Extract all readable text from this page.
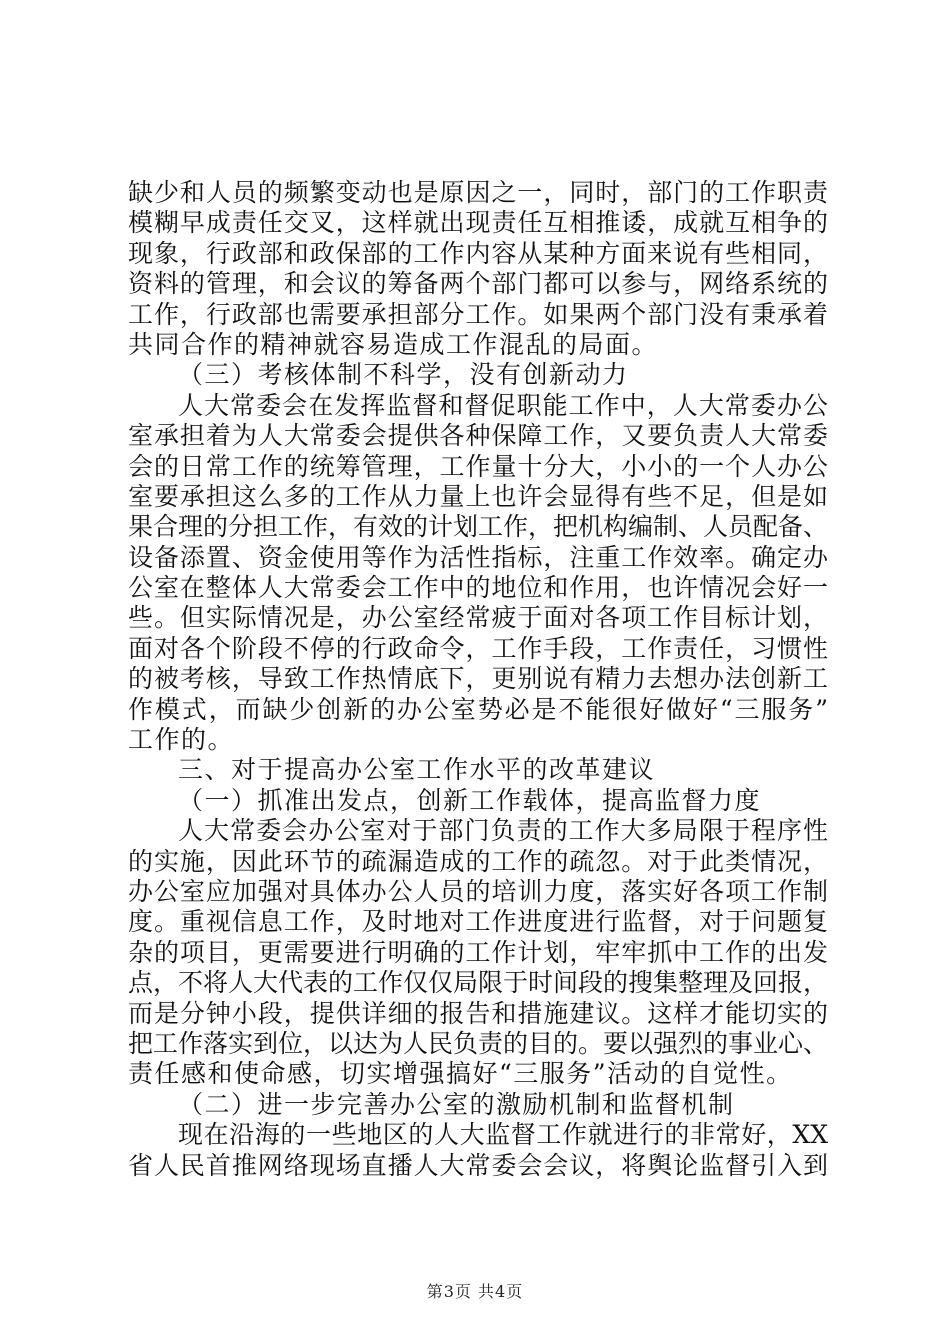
缺少和人员的频繁变动也是原因之一，同时，部门的工作职责
模糊早成责任交叉，这样就出现责任互相推诿，成就互相争的
现象，行政部和政保部的工作内容从某种方面来说有些相同，
资料的管理，和会议的筹备两个部门都可以参与，网络系统的
工作，行政部也需要承担部分工作。如果两个部门没有秉承着
共同合作的精神就容易造成工作混乱的局面。
（三）考核体制不科学，没有创新动力
人大常委会在发挥监督和督促职能工作中，人大常委办公
室承担着为人大常委会提供各种保障工作，又要负责人大常委
会的日常工作的统筹管理，工作量十分大，小小的一个人办公
室要承担这么多的工作从力量上也许会显得有些不足，但是如
果合理的分担工作，有效的计划工作，把机构编制、人员配备、
设备添置、资金使用等作为活性指标，注重工作效率。确定办
公室在整体人大常委会工作中的地位和作用，也许情况会好一
些。但实际情况是，办公室经常疲于面对各项工作目标计划，
面对各个阶段不停的行政命令，工作手段，工作责任，习惯性
的被考核，导致工作热情底下，更别说有精力去想办法创新工
作模式，而缺少创新的办公室势必是不能很好做好“三服务”
工作的。
三、对于提高办公室工作水平的改革建议
（一）抓准出发点，创新工作载体，提高监督力度
人大常委会办公室对于部门负责的工作大多局限于程序性
的实施，因此环节的疏漏造成的工作的疏忽。对于此类情况，
办公室应加强对具体办公人员的培训力度，落实好各项工作制
度。重视信息工作，及时地对工作进度进行监督，对于问题复
杂的项目，更需要进行明确的工作计划，牢牢抓中工作的出发
点，不将人大代表的工作仅仅局限于时间段的搜集整理及回报，
而是分钟小段，提供详细的报告和措施建议。这样才能切实的
把工作落实到位，以达为人民负责的目的。要以强烈的事业心、
责任感和使命感，切实增强搞好“三服务”活动的自觉性。
（二）进一步完善办公室的激励机制和监督机制
现在沿海的一些地区的人大监督工作就进行的非常好，XX
省人民首推网络现场直播人大常委会会议，将舆论监督引入到
第3页 共4页
